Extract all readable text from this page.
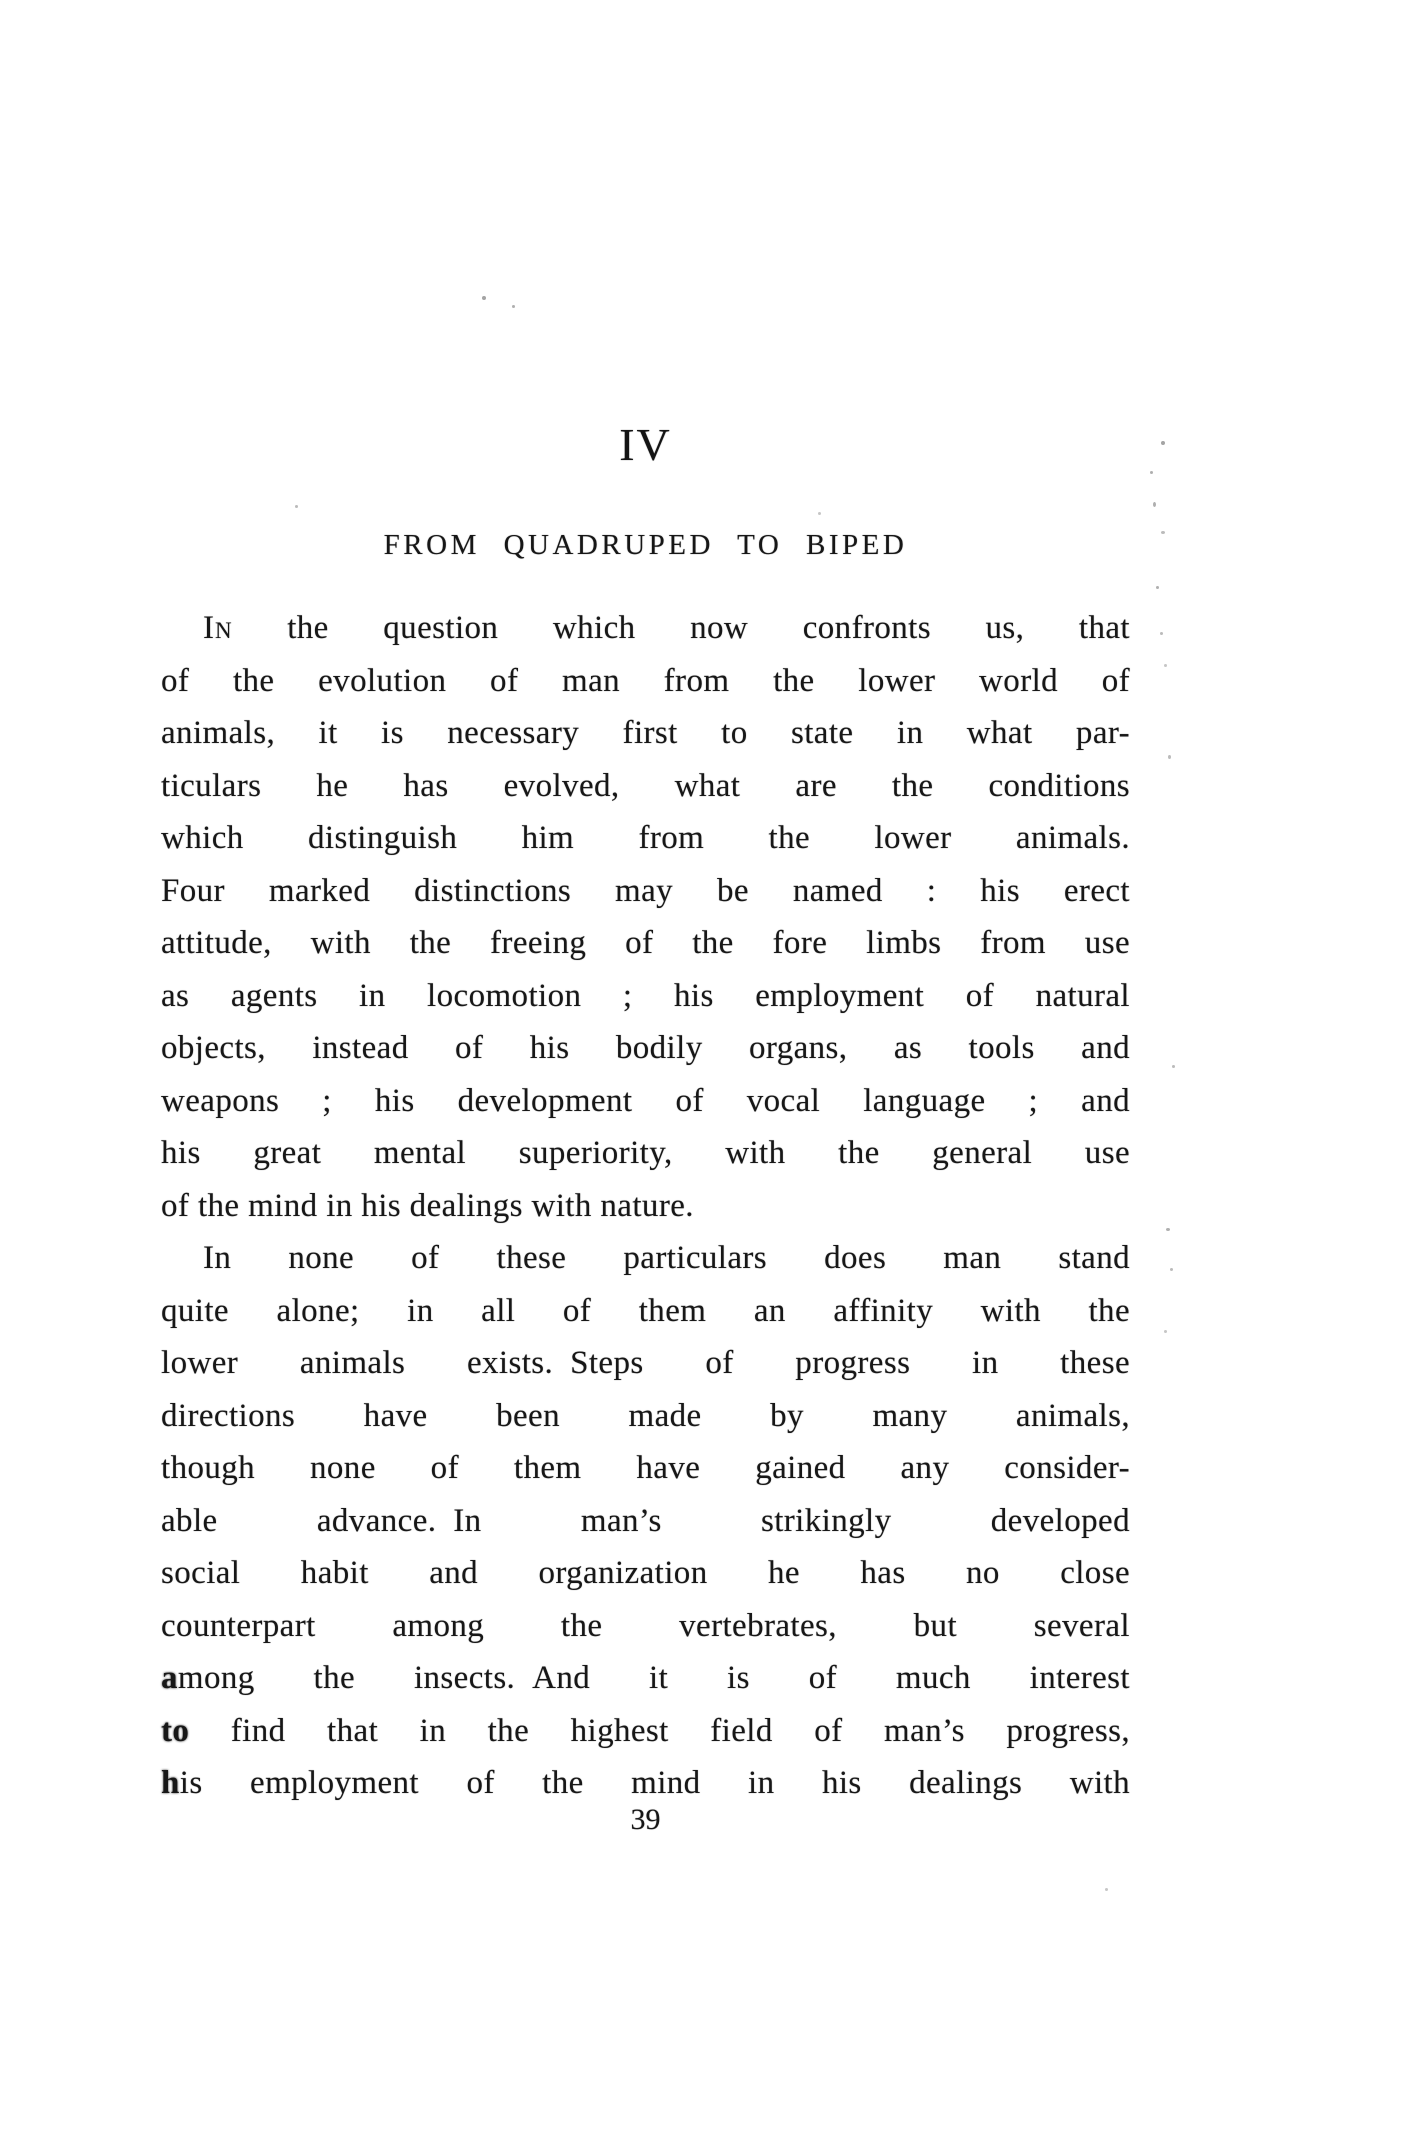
IV
FROM QUADRUPED TO BIPED
In the question which now confronts us, that
of the evolution of man from the lower world of
animals, it is necessary first to state in what par-
ticulars he has evolved, what are the conditions
which distinguish him from the lower animals.
Four marked distinctions may be named : his erect
attitude, with the freeing of the fore limbs from use
as agents in locomotion ; his employment of natural
objects, instead of his bodily organs, as tools and
weapons ; his development of vocal language ; and
his great mental superiority, with the general use
of the mind in his dealings with nature.
In none of these particulars does man stand
quite alone; in all of them an affinity with the
lower animals exists. Steps of progress in these
directions have been made by many animals,
though none of them have gained any consider-
able advance. In man’s strikingly developed
social habit and organization he has no close
counterpart among the vertebrates, but several
among the insects. And it is of much interest
to find that in the highest field of man’s progress,
his employment of the mind in his dealings with
39
